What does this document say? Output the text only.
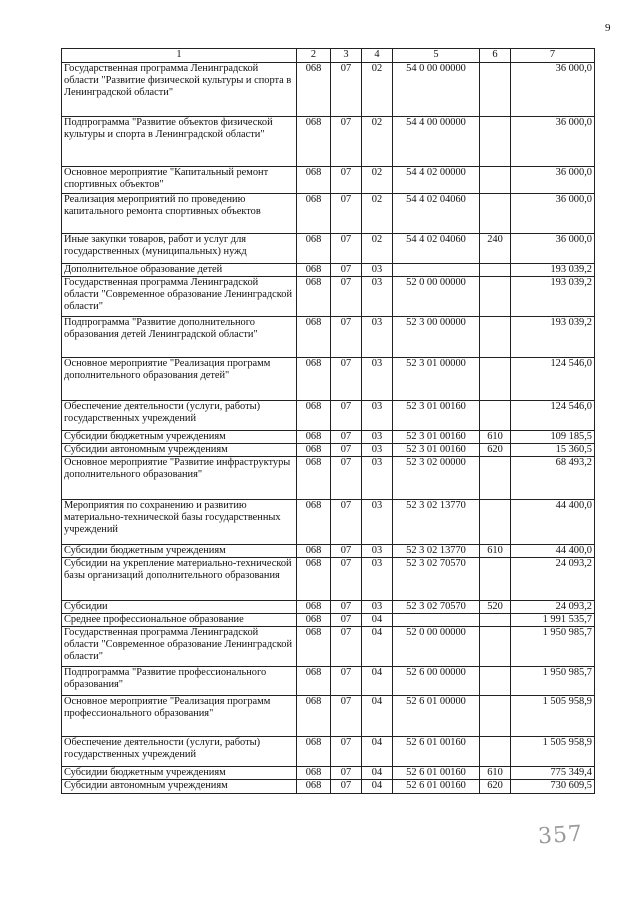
9
1	2	3	4	5	6	7
Государственная программа Ленинградской области "Развитие физической культуры и спорта в Ленинградской области"	068	07	02	54 0 00 00000		36 000,0
Подпрограмма "Развитие объектов физической культуры и спорта в Ленинградской области"	068	07	02	54 4 00 00000		36 000,0
Основное мероприятие "Капитальный ремонт спортивных объектов"	068	07	02	54 4 02 00000		36 000,0
Реализация мероприятий по проведению капитального ремонта спортивных объектов	068	07	02	54 4 02 04060		36 000,0
Иные закупки товаров, работ и услуг для государственных (муниципальных) нужд	068	07	02	54 4 02 04060	240	36 000,0
Дополнительное образование детей	068	07	03			193 039,2
Государственная программа Ленинградской области "Современное образование Ленинградской области"	068	07	03	52 0 00 00000		193 039,2
Подпрограмма "Развитие дополнительного образования детей Ленинградской области"	068	07	03	52 3 00 00000		193 039,2
Основное мероприятие "Реализация программ дополнительного образования детей"	068	07	03	52 3 01 00000		124 546,0
Обеспечение деятельности (услуги, работы) государственных учреждений	068	07	03	52 3 01 00160		124 546,0
Субсидии бюджетным учреждениям	068	07	03	52 3 01 00160	610	109 185,5
Субсидии автономным учреждениям	068	07	03	52 3 01 00160	620	15 360,5
Основное мероприятие "Развитие инфраструктуры дополнительного образования"	068	07	03	52 3 02 00000		68 493,2
Мероприятия по сохранению и развитию материально-технической базы государственных учреждений	068	07	03	52 3 02 13770		44 400,0
Субсидии бюджетным учреждениям	068	07	03	52 3 02 13770	610	44 400,0
Субсидии на укрепление материально-технической базы организаций дополнительного образования	068	07	03	52 3 02 70570		24 093,2
Субсидии	068	07	03	52 3 02 70570	520	24 093,2
Среднее профессиональное образование	068	07	04			1 991 535,7
Государственная программа Ленинградской области "Современное образование Ленинградской области"	068	07	04	52 0 00 00000		1 950 985,7
Подпрограмма "Развитие профессионального образования"	068	07	04	52 6 00 00000		1 950 985,7
Основное мероприятие "Реализация программ профессионального образования"	068	07	04	52 6 01 00000		1 505 958,9
Обеспечение деятельности (услуги, работы) государственных учреждений	068	07	04	52 6 01 00160		1 505 958,9
Субсидии бюджетным учреждениям	068	07	04	52 6 01 00160	610	775 349,4
Субсидии автономным учреждениям	068	07	04	52 6 01 00160	620	730 609,5
357
